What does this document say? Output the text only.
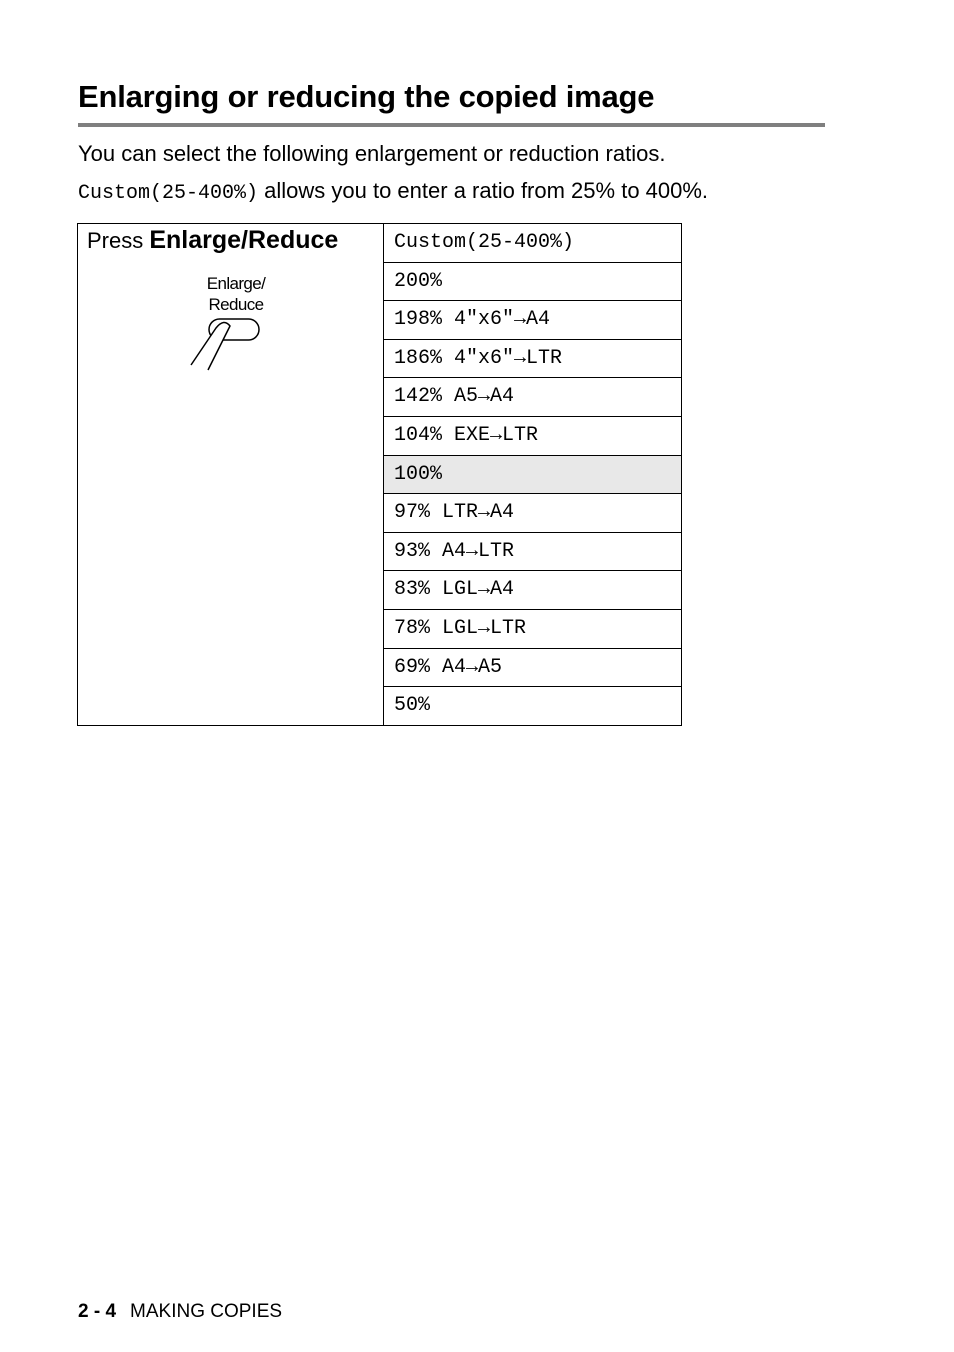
Enlarging or reducing the copied image

You can select the following enlargement or reduction ratios.

Custom(25-400%) allows you to enter a ratio from 25% to 400%.

Press Enlarge/Reduce
Enlarge/
Reduce
Custom(25-400%)
200%
198% 4"x6"→A4
186% 4"x6"→LTR
142% A5→A4
104% EXE→LTR
100%
97% LTR→A4
93% A4→LTR
83% LGL→A4
78% LGL→LTR
69% A4→A5
50%
2 - 4 MAKING COPIES
